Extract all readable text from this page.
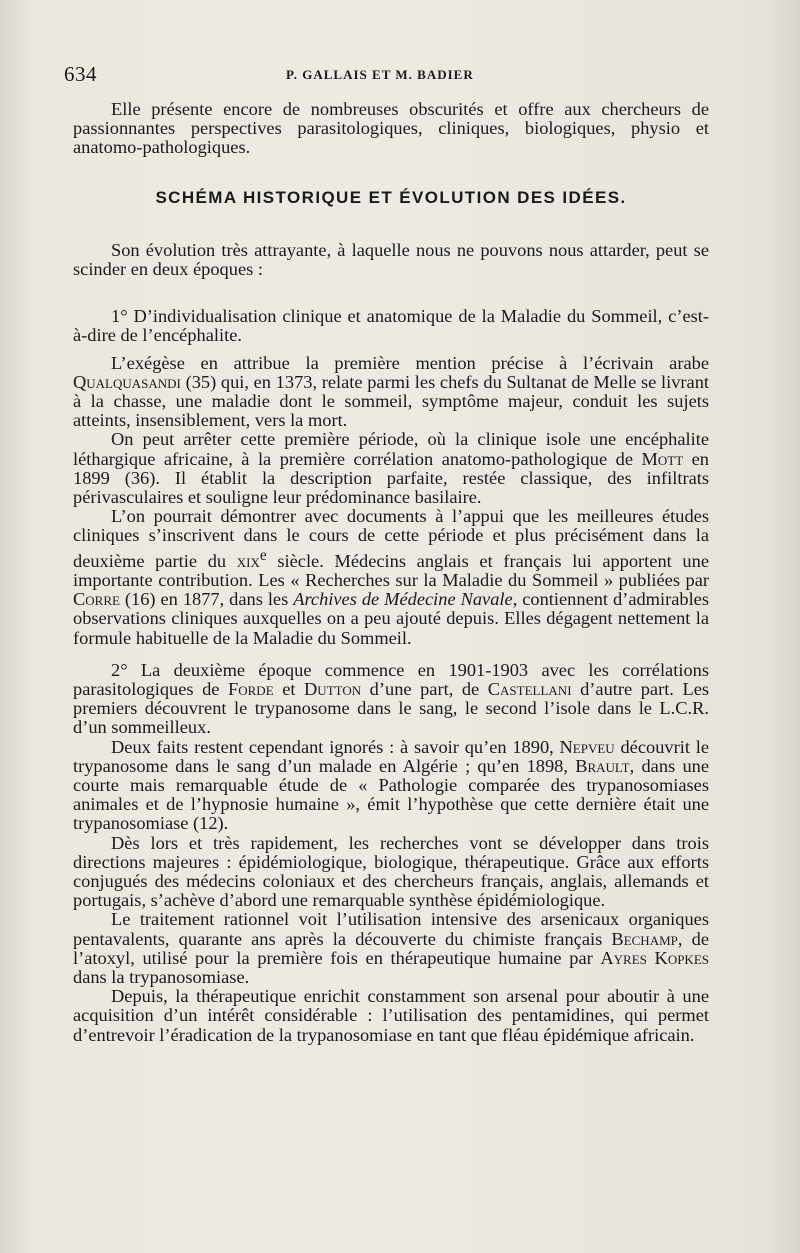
634	P. GALLAIS ET M. BADIER

Elle présente encore de nombreuses obscurités et offre aux chercheurs de passionnantes perspectives parasitologiques, cliniques, biologiques, physio et anatomo-pathologiques.

SCHÉMA HISTORIQUE ET ÉVOLUTION DES IDÉES.

Son évolution très attrayante, à laquelle nous ne pouvons nous attarder, peut se scinder en deux époques :

1° D’individualisation clinique et anatomique de la Maladie du Sommeil, c’est-à-dire de l’encéphalite.

L’exégèse en attribue la première mention précise à l’écrivain arabe Qualquasandi (35) qui, en 1373, relate parmi les chefs du Sultanat de Melle se livrant à la chasse, une maladie dont le sommeil, symptôme majeur, conduit les sujets atteints, insensiblement, vers la mort.

On peut arrêter cette première période, où la clinique isole une encéphalite léthargique africaine, à la première corrélation anatomo-pathologique de Mott en 1899 (36). Il établit la description parfaite, restée classique, des infiltrats périvasculaires et souligne leur prédominance basilaire.

L’on pourrait démontrer avec documents à l’appui que les meilleures études cliniques s’inscrivent dans le cours de cette période et plus précisément dans la deuxième partie du xix$^e$ siècle. Médecins anglais et français lui apportent une importante contribution. Les « Recherches sur la Maladie du Sommeil » publiées par Corre (16) en 1877, dans les Archives de Médecine Navale, contiennent d’admirables observations cliniques auxquelles on a peu ajouté depuis. Elles dégagent nettement la formule habituelle de la Maladie du Sommeil.

2° La deuxième époque commence en 1901-1903 avec les corrélations parasitologiques de Forde et Dutton d’une part, de Castellani d’autre part. Les premiers découvrent le trypanosome dans le sang, le second l’isole dans le L.C.R. d’un sommeilleux.

Deux faits restent cependant ignorés : à savoir qu’en 1890, Nepveu découvrit le trypanosome dans le sang d’un malade en Algérie ; qu’en 1898, Brault, dans une courte mais remarquable étude de « Pathologie comparée des trypanosomiases animales et de l’hypnosie humaine », émit l’hypothèse que cette dernière était une trypanosomiase (12).

Dès lors et très rapidement, les recherches vont se développer dans trois directions majeures : épidémiologique, biologique, thérapeutique. Grâce aux efforts conjugués des médecins coloniaux et des chercheurs français, anglais, allemands et portugais, s’achève d’abord une remarquable synthèse épidémiologique.

Le traitement rationnel voit l’utilisation intensive des arsenicaux organiques pentavalents, quarante ans après la découverte du chimiste français Bechamp, de l’atoxyl, utilisé pour la première fois en thérapeutique humaine par Ayres Kopkes dans la trypanosomiase.

Depuis, la thérapeutique enrichit constamment son arsenal pour aboutir à une acquisition d’un intérêt considérable : l’utilisation des pentamidines, qui permet d’entrevoir l’éradication de la trypanosomiase en tant que fléau épidémique africain.
